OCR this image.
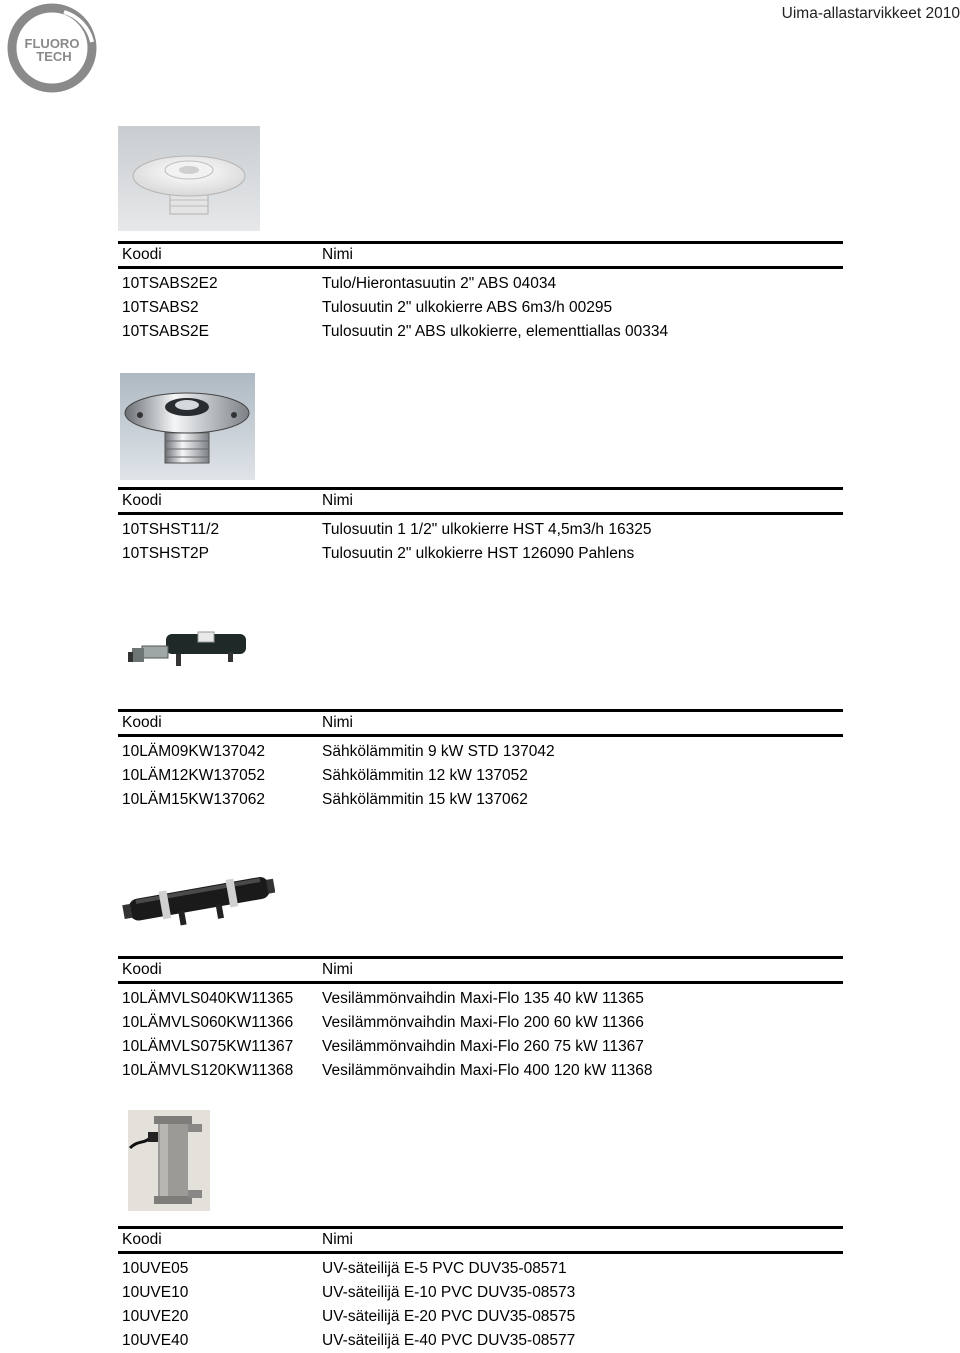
FLUORO
TECH
Uima-allastarvikkeet 2010
Koodi	Nimi
10TSABS2E2	Tulo/Hierontasuutin 2" ABS 04034
10TSABS2	Tulosuutin 2" ulkokierre ABS 6m3/h 00295
10TSABS2E	Tulosuutin 2" ABS ulkokierre, elementtiallas 00334
Koodi	Nimi
10TSHST11/2	Tulosuutin 1 1/2" ulkokierre HST 4,5m3/h 16325
10TSHST2P	Tulosuutin 2" ulkokierre HST 126090 Pahlens
Koodi	Nimi
10LÄM09KW137042	Sähkölämmitin 9 kW STD 137042
10LÄM12KW137052	Sähkölämmitin 12 kW 137052
10LÄM15KW137062	Sähkölämmitin 15 kW 137062
Koodi	Nimi
10LÄMVLS040KW11365	Vesilämmönvaihdin Maxi-Flo 135 40 kW 11365
10LÄMVLS060KW11366	Vesilämmönvaihdin Maxi-Flo 200 60 kW 11366
10LÄMVLS075KW11367	Vesilämmönvaihdin Maxi-Flo 260 75 kW 11367
10LÄMVLS120KW11368	Vesilämmönvaihdin Maxi-Flo 400 120 kW 11368
Koodi	Nimi
10UVE05	UV-säteilijä E-5 PVC DUV35-08571
10UVE10	UV-säteilijä E-10 PVC DUV35-08573
10UVE20	UV-säteilijä E-20 PVC DUV35-08575
10UVE40	UV-säteilijä E-40 PVC DUV35-08577
